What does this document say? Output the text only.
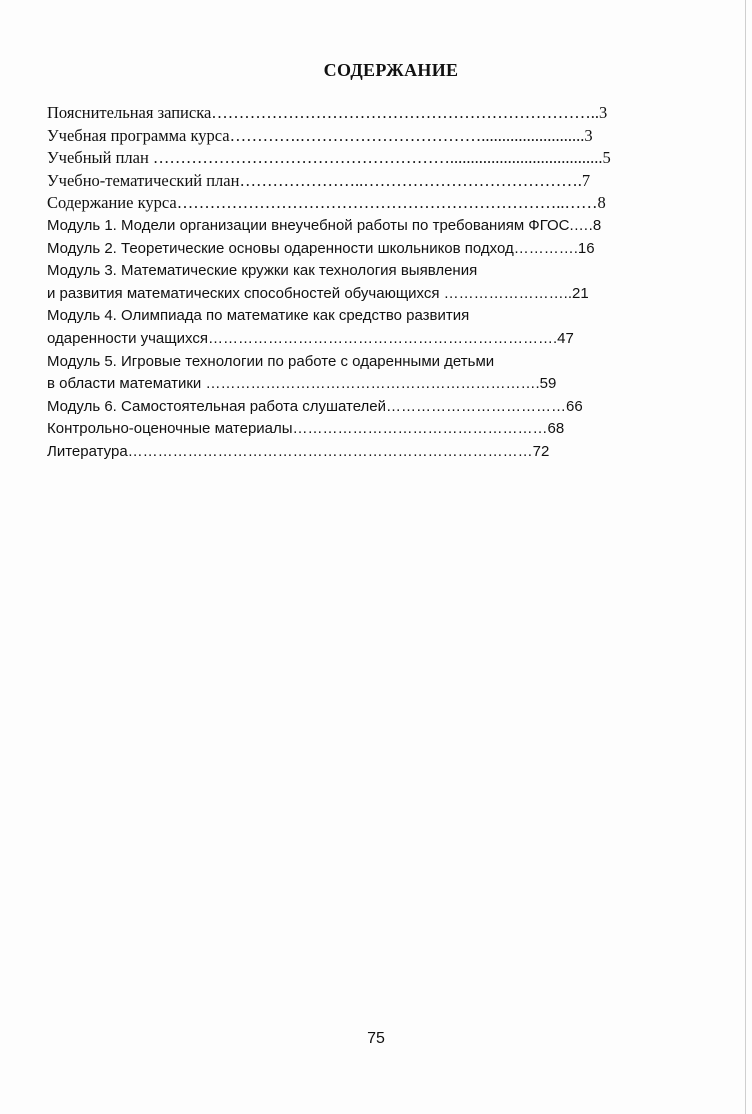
СОДЕРЖАНИЕ
Пояснительная записка……………………………………………………………..3
Учебная программа курса………….…………………………….........................3
Учебный план ……………………………………………….....................................5
Учебно-тематический план…………………..………………………………….7
Содержание курса……………………………………………………………..……8
Модуль 1. Модели организации внеучебной работы по требованиям ФГОС.….8
Модуль 2. Теоретические основы одаренности школьников подход………….16
Модуль 3. Математические кружки как технология выявления
и развития математических способностей обучающихся ……………………..21
Модуль 4. Олимпиада по математике как средство развития
одаренности учащихся…………………………………………………………….47
Модуль 5. Игровые технологии по работе с одаренными детьми
в области математики ………………………………………………………….59
Модуль 6. Самостоятельная работа слушателей………………………………66
Контрольно-оценочные материалы……………………………………………68
Литература………………………………………………………………………72
75
